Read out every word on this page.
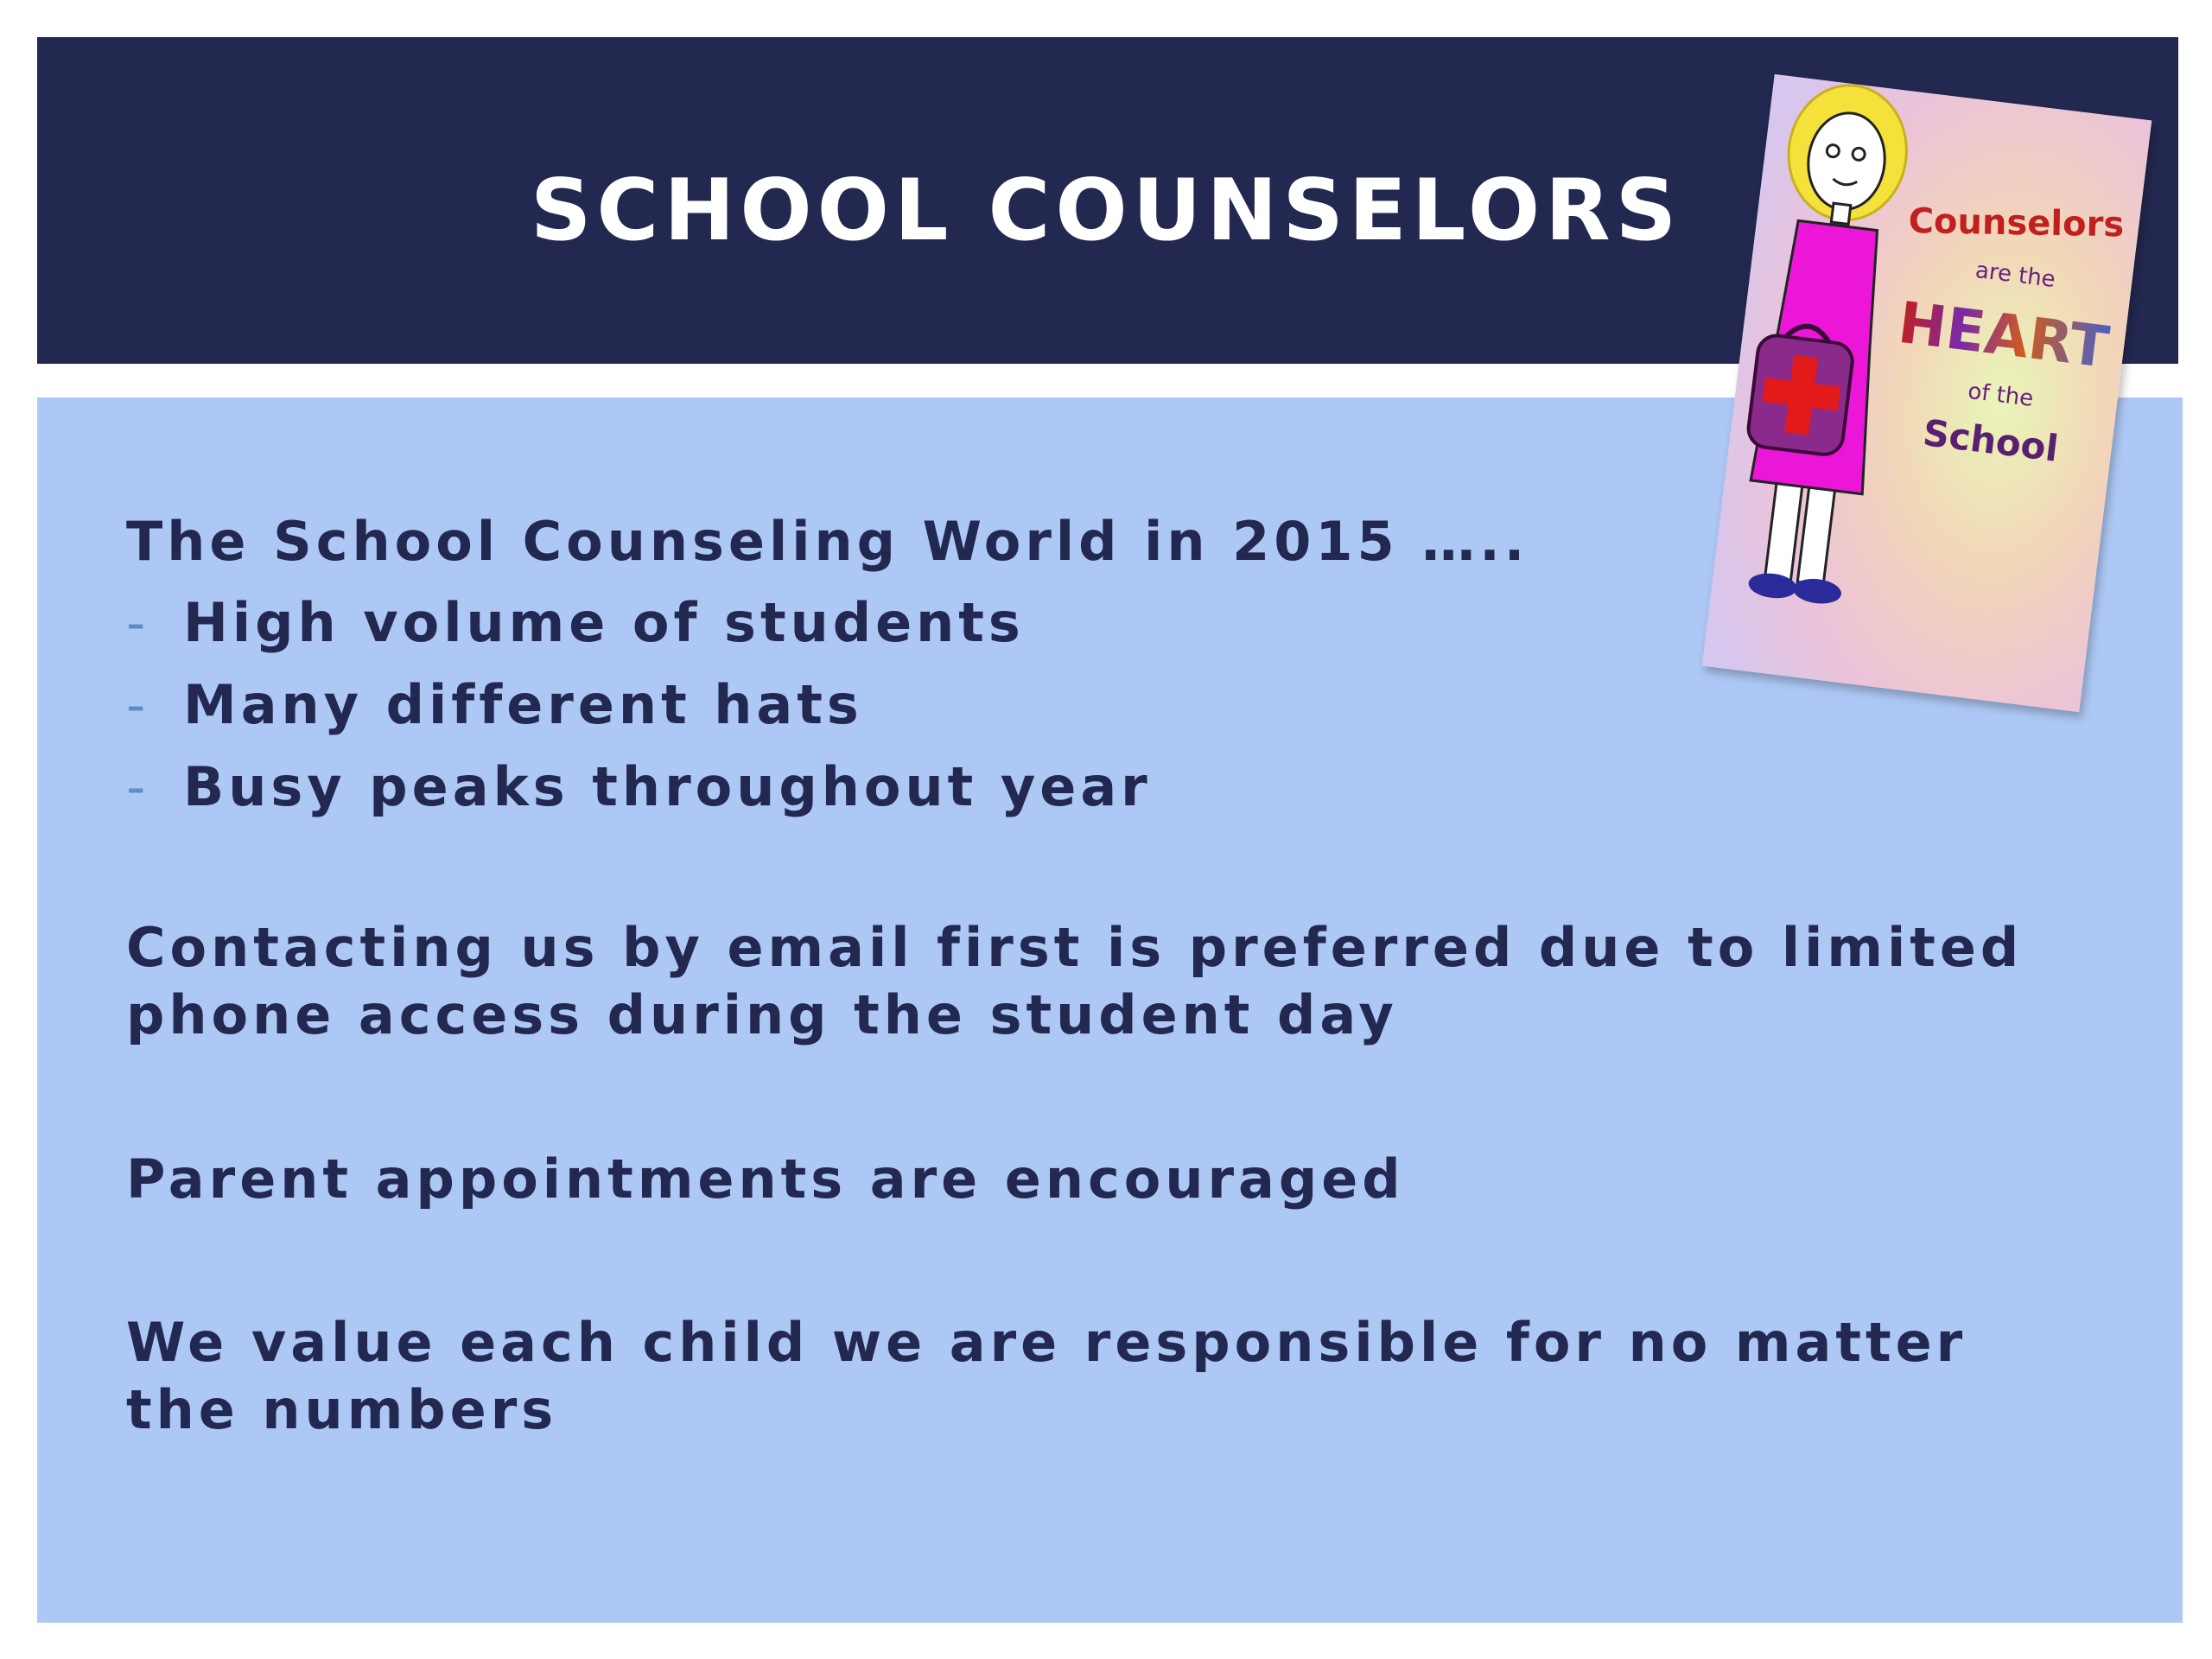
SCHOOL COUNSELORS

The School Counseling World in 2015 …..

- High volume of students
- Many different hats
- Busy peaks throughout year

Contacting us by email first is preferred due to limited phone access during the student day

Parent appointments are encouraged

We value each child we are responsible for no matter the numbers

Counselors
are the
HEART
of the
School
